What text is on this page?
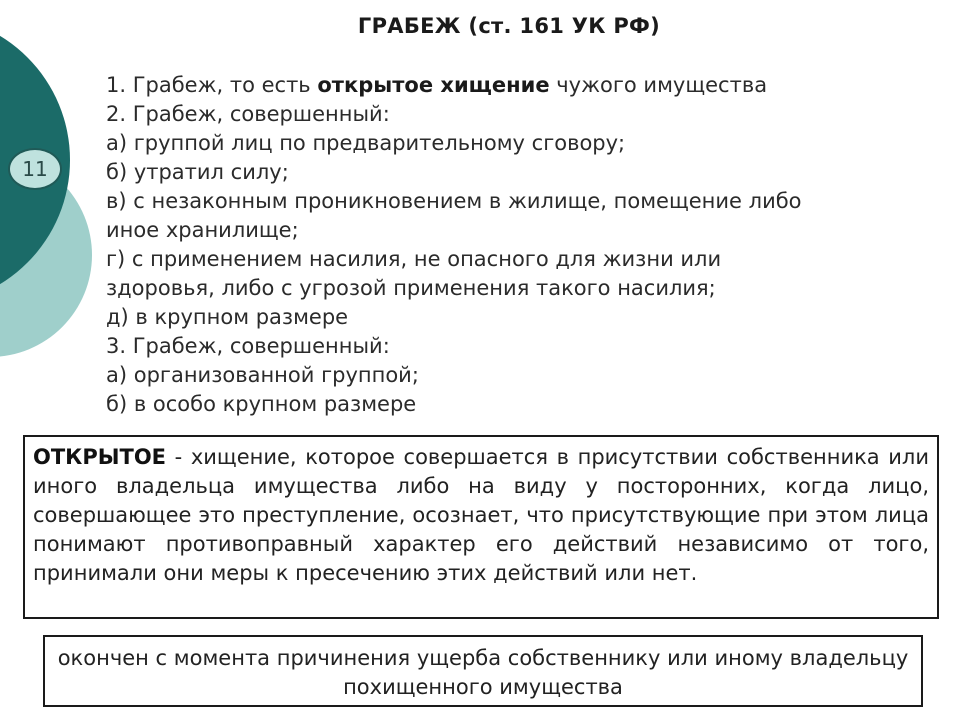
11
ГРАБЕЖ (ст. 161 УК РФ)
1. Грабеж, то есть открытое хищение чужого имущества
2. Грабеж, совершенный:
а) группой лиц по предварительному сговору;
б) утратил силу;
в) с незаконным проникновением в жилище, помещение либо
иное хранилище;
г) с применением насилия, не опасного для жизни или
здоровья, либо с угрозой применения такого насилия;
д) в крупном размере
3. Грабеж, совершенный:
а) организованной группой;
б) в особо крупном размере
ОТКРЫТОЕ - хищение, которое совершается в присутствии собственника или иного владельца имущества либо на виду у посторонних, когда лицо, совершающее это преступление, осознает, что присутствующие при этом лица понимают противоправный характер его действий независимо от того, принимали они меры к пресечению этих действий или нет.
окончен с момента причинения ущерба собственнику или иному владельцу похищенного имущества
